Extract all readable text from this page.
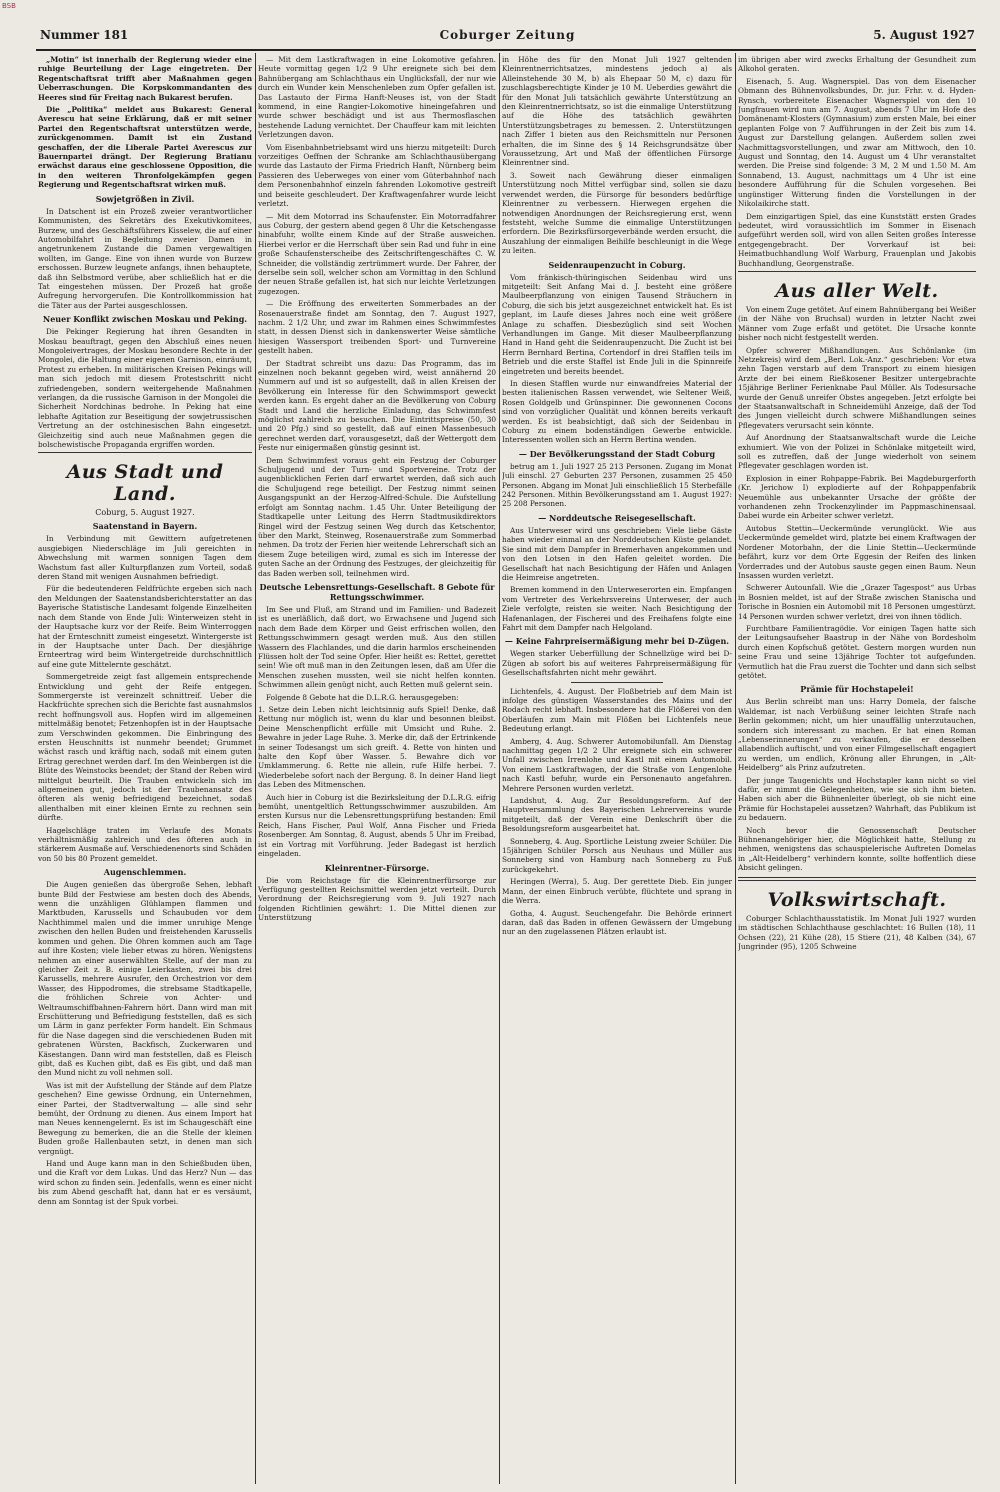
BSB
Coburger Zeitung
Nummer 181	5. August 1927

„Motin“ ist innerhalb der Regierung wieder eine ruhige Beurteilung der Lage eingetreten. Der Regentschaftsrat trifft aber Maßnahmen gegen Ueberraschungen. Die Korpskommandanten des Heeres sind für Freitag nach Bukarest berufen.

Die „Politika“ meldet aus Bukarest: General Averescu hat seine Erklärung, daß er mit seiner Partei den Regentschaftsrat unterstützen werde, zurückgenommen. Damit ist ein Zustand geschaffen, der die Liberale Partei Averescus zur Bauernpartei drängt. Der Regierung Bratianu erwächst daraus eine geschlossene Opposition, die in den weiteren Thronfolgekämpfen gegen Regierung und Regentschaftsrat wirken muß.

Sowjetgrößen in Zivil.

In Datschent ist ein Prozeß zweier verantwortlicher Kommunisten, des Sekretärs des Exekutivkomitees, Burzew, und des Geschäftsführers Kisselew, die auf einer Automobilfahrt in Begleitung zweier Damen in angetrunkenem Zustande die Damen vergewaltigen wollten, im Gange. Eine von ihnen wurde von Burzew erschossen. Burzew leugnete anfangs, ihnen behauptete, daß ihn Selbstmord verübe, aber schließlich hat er die Tat eingestehen müssen. Der Prozeß hat große Aufregung hervorgerufen. Die Kontrollkommission hat die Täter aus der Partei ausgeschlossen.

Neuer Konflikt zwischen Moskau und Peking.

Die Pekinger Regierung hat ihren Gesandten in Moskau beauftragt, gegen den Abschluß eines neuen Mongoleivertrages, der Moskau besondere Rechte in der Mongolei, die Haltung einer eigenen Garnison, einräumt, Protest zu erheben. In militärischen Kreisen Pekings will man sich jedoch mit diesem Protestschritt nicht zufriedengeben, sondern weitergehende Maßnahmen verlangen, da die russische Garnison in der Mongolei die Sicherheit Nordchinas bedrohe. In Peking hat eine lebhafte Agitation zur Beseitigung der sowjetrussischen Vertretung an der ostchinesischen Bahn eingesetzt. Gleichzeitig sind auch neue Maßnahmen gegen die bolschewistische Propaganda ergriffen worden.

Aus Stadt und Land.
Coburg, 5. August 1927.
Saatenstand in Bayern.

In Verbindung mit Gewittern aufgetretenen ausgiebigen Niederschläge im Juli gereichten in Abwechslung mit warmen sonnigen Tagen dem Wachstum fast aller Kulturpflanzen zum Vorteil, sodaß deren Stand mit wenigen Ausnahmen befriedigt.

Für die bedeutenderen Feldfrüchte ergeben sich nach den Meldungen der Saatenstandsberichterstatter an das Bayerische Statistische Landesamt folgende Einzelheiten nach dem Stande von Ende Juli: Winterweizen steht in der Hauptsache kurz vor der Reife. Beim Winterroggen hat der Ernteschnitt zumeist eingesetzt. Wintergerste ist in der Hauptsache unter Dach. Der diesjährige Ernteertrag wird beim Wintergetreide durchschnittlich auf eine gute Mittelernte geschätzt.

Sommergetreide zeigt fast allgemein entsprechende Entwicklung und geht der Reife entgegen. Sommergerste ist vereinzelt schnittreif. Ueber die Hackfrüchte sprechen sich die Berichte fast ausnahmslos recht hoffnungsvoll aus. Hopfen wird im allgemeinen mittelmäßig benotet; Fetzenhopfen ist in der Hauptsache zum Verschwinden gekommen. Die Einbringung des ersten Heuschnitts ist nunmehr beendet; Grummet wächst rasch und kräftig nach, sodaß mit einem guten Ertrag gerechnet werden darf. Im den Weinbergen ist die Blüte des Weinstocks beendet; der Stand der Reben wird mittelgut beurteilt. Die Trauben entwickeln sich im allgemeinen gut, jedoch ist der Traubenansatz des öfteren als wenig befriedigend bezeichnet, sodaß allenthalben mit einer kleinen Ernte zu rechnen sein dürfte.

Hagelschläge traten im Verlaufe des Monats verhältnismäßig zahlreich und des öfteren auch in stärkerem Ausmaße auf. Verschiedenenorts sind Schäden von 50 bis 80 Prozent gemeldet.

Augenschlemmen.

Die Augen genießen das übergroße Sehen, lebhaft bunte Bild der Festwiese am besten doch des Abends, wenn die unzähligen Glühlampen flammen und Marktbuden, Karussells und Schaubuden vor dem Nachthimmel malen und die immer unruhige Menge zwischen den hellen Buden und freistehenden Karussells kommen und gehen. Die Ohren kommen auch am Tage auf ihre Kosten; viele lieber etwas zu hören. Wenigstens nehmen an einer auserwählten Stelle, auf der man zu gleicher Zeit z. B. einige Leierkasten, zwei bis drei Karussells, mehrere Ausrufer, den Orchestrion vor dem Wasser, des Hippodromes, die strebsame Stadtkapelle, die fröhlichen Schreie von Achter- und Weltraumschiffbahnen-Fahrern hört. Dann wird man mit Erschütterung und Befriedigung feststellen, daß es sich um Lärm in ganz perfekter Form handelt. Ein Schmaus für die Nase dagegen sind die verschiedenen Buden mit gebratenen Würsten, Backfisch, Zuckerwaren und Käsestangen. Dann wird man feststellen, daß es Fleisch gibt, daß es Kuchen gibt, daß es Eis gibt, und daß man den Mund nicht zu voll nehmen soll.

Was ist mit der Aufstellung der Stände auf dem Platze geschehen? Eine gewisse Ordnung, ein Unternehmen, einer Partei, der Stadtverwaltung — alle sind sehr bemüht, der Ordnung zu dienen. Aus einem Import hat man Neues kennengelernt. Es ist im Schaugeschäft eine Bewegung zu bemerken, die an die Stelle der kleinen Buden große Hallenbauten setzt, in denen man sich vergnügt.

Hand und Auge kann man in den Schießbuden üben, und die Kraft vor dem Lukas. Und das Herz? Nun — das wird schon zu finden sein. Jedenfalls, wenn es einer nicht bis zum Abend geschafft hat, dann hat er es versäumt, denn am Sonntag ist der Spuk vorbei.

— Mit dem Lastkraftwagen in eine Lokomotive gefahren. Heute vormittag gegen 1/2 9 Uhr ereignete sich bei dem Bahnübergang am Schlachthaus ein Unglücksfall, der nur wie durch ein Wunder kein Menschenleben zum Opfer gefallen ist. Das Lastauto der Firma Hanft-Neuses ist, von der Stadt kommend, in eine Rangier-Lokomotive hineingefahren und wurde schwer beschädigt und ist aus Thermosflaschen bestehende Ladung vernichtet. Der Chauffeur kam mit leichten Verletzungen davon.

Vom Eisenbahnbetriebsamt wird uns hierzu mitgeteilt: Durch vorzeitiges Oeffnen der Schranke am Schlachthausübergang wurde das Lastauto der Firma Friedrich Hanft, Nürnberg beim Passieren des Ueberweges von einer vom Güterbahnhof nach dem Personenbahnhof einzeln fahrenden Lokomotive gestreift und beiseite geschleudert. Der Kraftwagenfahrer wurde leicht verletzt.

— Mit dem Motorrad ins Schaufenster. Ein Motorradfahrer aus Coburg, der gestern abend gegen 8 Uhr die Ketschengasse hinabfuhr, wollte einem Kinde auf der Straße ausweichen. Hierbei verlor er die Herrschaft über sein Rad und fuhr in eine große Schaufensterscheibe des Zeitschriftengeschäftes C. W. Schneider, die vollständig zertrümmert wurde. Der Fahrer, der derselbe sein soll, welcher schon am Vormittag in den Schlund der neuen Straße gefallen ist, hat sich nur leichte Verletzungen zugezogen.

— Die Eröffnung des erweiterten Sommerbades an der Rosenauerstraße findet am Sonntag, den 7. August 1927, nachm. 2 1/2 Uhr, und zwar im Rahmen eines Schwimmfestes statt, in dessen Dienst sich in dankenswerter Weise sämtliche hiesigen Wassersport treibenden Sport- und Turnvereine gestellt haben.

Der Stadtrat schreibt uns dazu: Das Programm, das im einzelnen noch bekannt gegeben wird, weist annähernd 20 Nummern auf und ist so aufgestellt, daß in allen Kreisen der Bevölkerung ein Interesse für den Schwimmsport geweckt werden kann. Es ergeht daher an die Bevölkerung von Coburg Stadt und Land die herzliche Einladung, das Schwimmfest möglichst zahlreich zu besuchen. Die Eintrittspreise (50, 30 und 20 Pfg.) sind so gestellt, daß auf einen Massenbesuch gerechnet werden darf, vorausgesetzt, daß der Wettergott dem Feste nur einigermaßen günstig gesinnt ist.

Dem Schwimmfest voraus geht ein Festzug der Coburger Schuljugend und der Turn- und Sportvereine. Trotz der augenblicklichen Ferien darf erwartet werden, daß sich auch die Schuljugend rege beteiligt. Der Festzug nimmt seinen Ausgangspunkt an der Herzog-Alfred-Schule. Die Aufstellung erfolgt am Sonntag nachm. 1.45 Uhr. Unter Beteiligung der Stadtkapelle unter Leitung des Herrn Stadtmusikdirektors Ringel wird der Festzug seinen Weg durch das Ketschentor, über den Markt, Steinweg, Rosenauerstraße zum Sommerbad nehmen. Da trotz der Ferien hier weitende Lehrerschaft sich an diesem Zuge beteiligen wird, zumal es sich im Interesse der guten Sache an der Ordnung des Festzuges, der gleichzeitig für das Baden werben soll, teilnehmen wird.

Deutsche Lebensrettungs-Gesellschaft. 8 Gebote für Rettungsschwimmer.

Im See und Fluß, am Strand und im Familien- und Badezeit ist es unerläßlich, daß dort, wo Erwachsene und Jugend sich nach dem Bade dem Körper und Geist erfrischen wollen, den Rettungsschwimmern gesagt werden muß. Aus den stillen Wassern des Flachlandes, und die darin harmlos erscheinenden Flüssen holt der Tod seine Opfer. Hier heißt es: Rettet, gerettet sein! Wie oft muß man in den Zeitungen lesen, daß am Ufer die Menschen zusehen mussten, weil sie nicht helfen konnten. Schwimmen allein genügt nicht, auch Retten muß gelernt sein.

Folgende 8 Gebote hat die D.L.R.G. herausgegeben:

1. Setze dein Leben nicht leichtsinnig aufs Spiel! Denke, daß Rettung nur möglich ist, wenn du klar und besonnen bleibst. Deine Menschenpflicht erfülle mit Umsicht und Ruhe. 2. Bewahre in jeder Lage Ruhe. 3. Merke dir, daß der Ertrinkende in seiner Todesangst um sich greift. 4. Rette von hinten und halte den Kopf über Wasser. 5. Bewahre dich vor Umklammerung. 6. Rette nie allein, rufe Hilfe herbei. 7. Wiederbelebe sofort nach der Bergung. 8. In deiner Hand liegt das Leben des Mitmenschen.

Auch hier in Coburg ist die Bezirksleitung der D.L.R.G. eifrig bemüht, unentgeltlich Rettungsschwimmer auszubilden. Am ersten Kursus nur die Lebensrettungsprüfung bestanden: Emil Reich, Hans Fischer, Paul Wolf, Anna Fischer und Frieda Rosenberger. Am Sonntag, 8. August, abends 5 Uhr im Freibad, ist ein Vortrag mit Vorführung. Jeder Badegast ist herzlich eingeladen.

Kleinrentner-Fürsorge.

Die vom Reichstage für die Kleinrentnerfürsorge zur Verfügung gestellten Reichsmittel werden jetzt verteilt. Durch Verordnung der Reichsregierung vom 9. Juli 1927 nach folgenden Richtlinien gewährt: 1. Die Mittel dienen zur Unterstützung

in Höhe des für den Monat Juli 1927 geltenden Kleinrentnerrichtsatzes, mindestens jedoch a) als Alleinstehende 30 M, b) als Ehepaar 50 M, c) dazu für zuschlagsberechtigte Kinder je 10 M. Ueberdies gewährt die für den Monat Juli tatsächlich gewährte Unterstützung an den Kleinrentnerrichtsatz, so ist die einmalige Unterstützung auf die Höhe des tatsächlich gewährten Unterstützungsbetrages zu bemessen. 2. Unterstützungen nach Ziffer 1 bieten aus den Reichsmitteln nur Personen erhalten, die im Sinne des § 14 Reichsgrundsätze über Voraussetzung, Art und Maß der öffentlichen Fürsorge Kleinrentner sind.

3. Soweit nach Gewährung dieser einmaligen Unterstützung noch Mittel verfügbar sind, sollen sie dazu verwendet werden, die Fürsorge für besonders bedürftige Kleinrentner zu verbessern. Hierwegen ergehen die notwendigen Anordnungen der Reichsregierung erst, wenn feststeht, welche Summe die einmalige Unterstützungen erfordern. Die Bezirksfürsorgeverbände werden ersucht, die Auszahlung der einmaligen Beihilfe beschleunigt in die Wege zu leiten.

Seidenraupenzucht in Coburg.

Vom fränkisch-thüringischen Seidenbau wird uns mitgeteilt: Seit Anfang Mai d. J. besteht eine größere Maulbeerpflanzung von einigen Tausend Sträuchern in Coburg, die sich bis jetzt ausgezeichnet entwickelt hat. Es ist geplant, im Laufe dieses Jahres noch eine weit größere Anlage zu schaffen. Diesbezüglich sind seit Wochen Verhandlungen im Gange. Mit dieser Maulbeerpflanzung Hand in Hand geht die Seidenraupenzucht. Die Zucht ist bei Herrn Bernhard Bertina, Cortendorf in drei Stafflen teils im Betrieb und die erste Staffel ist Ende Juli in die Spinnreife eingetreten und bereits beendet.

In diesen Stafflen wurde nur einwandfreies Material der besten italienischen Rassen verwendet, wie Seltener Weiß, Rosen Goldgelb und Grünspinner. Die gewonnenen Cocons sind von vorzüglicher Qualität und können bereits verkauft werden. Es ist beabsichtigt, daß sich der Seidenbau in Coburg zu einem bodenständigen Gewerbe entwickle. Interessenten wollen sich an Herrn Bertina wenden.

— Der Bevölkerungsstand der Stadt Coburg

betrug am 1. Juli 1927 25 213 Personen. Zugang im Monat Juli einschl. 27 Geburten 237 Personen, zusammen 25 450 Personen. Abgang im Monat Juli einschließlich 15 Sterbefälle 242 Personen. Mithin Bevölkerungsstand am 1. August 1927: 25 208 Personen.

— Norddeutsche Reisegesellschaft.

Aus Unterweser wird uns geschrieben: Viele liebe Gäste haben wieder einmal an der Norddeutschen Küste gelandet. Sie sind mit dem Dampfer in Bremerhaven angekommen und von den Lotsen in den Hafen geleitet worden. Die Gesellschaft hat nach Besichtigung der Häfen und Anlagen die Heimreise angetreten.

Bremen kommend in den Unterweserorten ein. Empfangen vom Vertreter des Verkehrsvereins Unterweser, der auch Ziele verfolgte, reisten sie weiter. Nach Besichtigung der Hafenanlagen, der Fischerei und des Freihafens folgte eine Fahrt mit dem Dampfer nach Helgoland.

— Keine Fahrpreisermäßigung mehr bei D-Zügen.

Wegen starker Ueberfüllung der Schnellzüge wird bei D-Zügen ab sofort bis auf weiteres Fahrpreisermäßigung für Gesellschaftsfahrten nicht mehr gewährt.

Lichtenfels, 4. August. Der Floßbetrieb auf dem Main ist infolge des günstigen Wasserstandes des Mains und der Rodach recht lebhaft. Insbesondere hat die Flößerei von den Oberläufen zum Main mit Flößen bei Lichtenfels neue Bedeutung erlangt.

Amberg, 4. Aug. Schwerer Automobilunfall. Am Dienstag nachmittag gegen 1/2 2 Uhr ereignete sich ein schwerer Unfall zwischen Irrenlohe und Kastl mit einem Automobil. Von einem Lastkraftwagen, der die Straße von Lengenlohe nach Kastl befuhr, wurde ein Personenauto angefahren. Mehrere Personen wurden verletzt.

Landshut, 4. Aug. Zur Besoldungsreform. Auf der Hauptversammlung des Bayerischen Lehrervereins wurde mitgeteilt, daß der Verein eine Denkschrift über die Besoldungsreform ausgearbeitet hat.

Sonneberg, 4. Aug. Sportliche Leistung zweier Schüler. Die 15jährigen Schüler Porsch aus Neuhaus und Müller aus Sonneberg sind von Hamburg nach Sonneberg zu Fuß zurückgekehrt.

Heringen (Werra), 5. Aug. Der gerettete Dieb. Ein junger Mann, der einen Einbruch verübte, flüchtete und sprang in die Werra.

Gotha, 4. August. Seuchengefahr. Die Behörde erinnert daran, daß das Baden in offenen Gewässern der Umgebung nur an den zugelassenen Plätzen erlaubt ist.

im übrigen aber wird zwecks Erhaltung der Gesundheit zum Alkohol geraten.

Eisenach, 5. Aug. Wagnerspiel. Das von dem Eisenacher Obmann des Bühnenvolksbundes, Dr. jur. Frhr. v. d. Hyden-Rynsch, vorbereitete Eisenacher Wagnerspiel von den 10 Jungfrauen wird nun am 7. August, abends 7 Uhr im Hofe des Domänenamt-Klosters (Gymnasium) zum ersten Male, bei einer geplanten Folge von 7 Aufführungen in der Zeit bis zum 14. August zur Darstellung gelangen. Außerdem sollen zwei Nachmittagsvorstellungen, und zwar am Mittwoch, den 10. August und Sonntag, den 14. August um 4 Uhr veranstaltet werden. Die Preise sind folgende: 3 M, 2 M und 1.50 M. Am Sonnabend, 13. August, nachmittags um 4 Uhr ist eine besondere Aufführung für die Schulen vorgesehen. Bei ungünstiger Witterung finden die Vorstellungen in der Nikolaikirche statt.

Dem einzigartigen Spiel, das eine Kunststätt ersten Grades bedeutet, wird voraussichtlich im Sommer in Eisenach aufgeführt werden soll, wird von allen Seiten großes Interesse entgegengebracht. Der Vorverkauf ist bei: Heimatbuchhandlung Wolf Warburg, Frauenplan und Jakobis Buchhandlung, Georgenstraße.

Aus aller Welt.

Von einem Zuge getötet. Auf einem Bahnübergang bei Weißer (in der Nähe von Bruchsal) wurden in letzter Nacht zwei Männer vom Zuge erfaßt und getötet. Die Ursache konnte bisher noch nicht festgestellt werden.

Opfer schwerer Mißhandlungen. Aus Schönlanke (im Netzekreis) wird dem „Berl. Lok.-Anz.“ geschrieben: Vor etwa zehn Tagen verstarb auf dem Transport zu einem hiesigen Arzte der bei einem Rießkosener Besitzer untergebrachte 15jährige Berliner Ferienknabe Paul Müller. Als Todesursache wurde der Genuß unreifer Obstes angegeben. Jetzt erfolgte bei der Staatsanwaltschaft in Schneidemühl Anzeige, daß der Tod des Jungen vielleicht durch schwere Mißhandlungen seines Pflegevaters verursacht sein könnte.

Auf Anordnung der Staatsanwaltschaft wurde die Leiche exhumiert. Wie von der Polizei in Schönlake mitgeteilt wird, soll es zutreffen, daß der Junge wiederholt von seinem Pflegevater geschlagen worden ist.

Explosion in einer Rohpappe-Fabrik. Bei Magdeburgerforth (Kr. Jerichow I) explodierte auf der Rohpappenfabrik Neuemühle aus unbekannter Ursache der größte der vorhandenen zehn Trockenzylinder im Pappmaschinensaal. Dabei wurde ein Arbeiter schwer verletzt.

Autobus Stettin—Ueckermünde verunglückt. Wie aus Ueckermünde gemeldet wird, platzte bei einem Kraftwagen der Nordener Motorbahn, der die Linie Stettin—Ueckermünde befährt, kurz vor dem Orte Eggesin der Reifen des linken Vorderrades und der Autobus sauste gegen einen Baum. Neun Insassen wurden verletzt.

Schwerer Autounfall. Wie die „Grazer Tagespost“ aus Urbas in Bosnien meldet, ist auf der Straße zwischen Stanischa und Torische in Bosnien ein Automobil mit 18 Personen umgestürzt. 14 Personen wurden schwer verletzt, drei von ihnen tödlich.

Furchtbare Familientragödie. Vor einigen Tagen hatte sich der Leitungsaufseher Baastrup in der Nähe von Bordesholm durch einen Kopfschuß getötet. Gestern morgen wurden nun seine Frau und seine 13jährige Tochter tot aufgefunden. Vermutlich hat die Frau zuerst die Tochter und dann sich selbst getötet.

Prämie für Hochstapelei!

Aus Berlin schreibt man uns: Harry Domela, der falsche Waldemar, ist nach Verbüßung seiner leichten Strafe nach Berlin gekommen; nicht, um hier unauffällig unterzutauchen, sondern sich interessant zu machen. Er hat einen Roman „Lebenserinnerungen“ zu verkaufen, die er desselben allabendlich auftischt, und von einer Filmgesellschaft engagiert zu werden, um endlich, Krönung aller Ehrungen, in „Alt-Heidelberg“ als Prinz aufzutreten.

Der junge Taugenichts und Hochstapler kann nicht so viel dafür, er nimmt die Gelegenheiten, wie sie sich ihm bieten. Haben sich aber die Bühnenleiter überlegt, ob sie nicht eine Prämie für Hochstapelei aussetzen? Wahrhaft, das Publikum ist zu bedauern.

Noch bevor die Genossenschaft Deutscher Bühnenangehöriger hier, die Möglichkeit hatte, Stellung zu nehmen, wenigstens das schauspielerische Auftreten Domelas in „Alt-Heidelberg“ verhindern konnte, sollte hoffentlich diese Absicht gelingen.

Volkswirtschaft.

Coburger Schlachthausstatistik. Im Monat Juli 1927 wurden im städtischen Schlachthause geschlachtet: 16 Bullen (18), 11 Ochsen (22), 21 Kühe (28), 15 Stiere (21), 48 Kalben (34), 67 Jungrinder (95), 1205 Schweine
